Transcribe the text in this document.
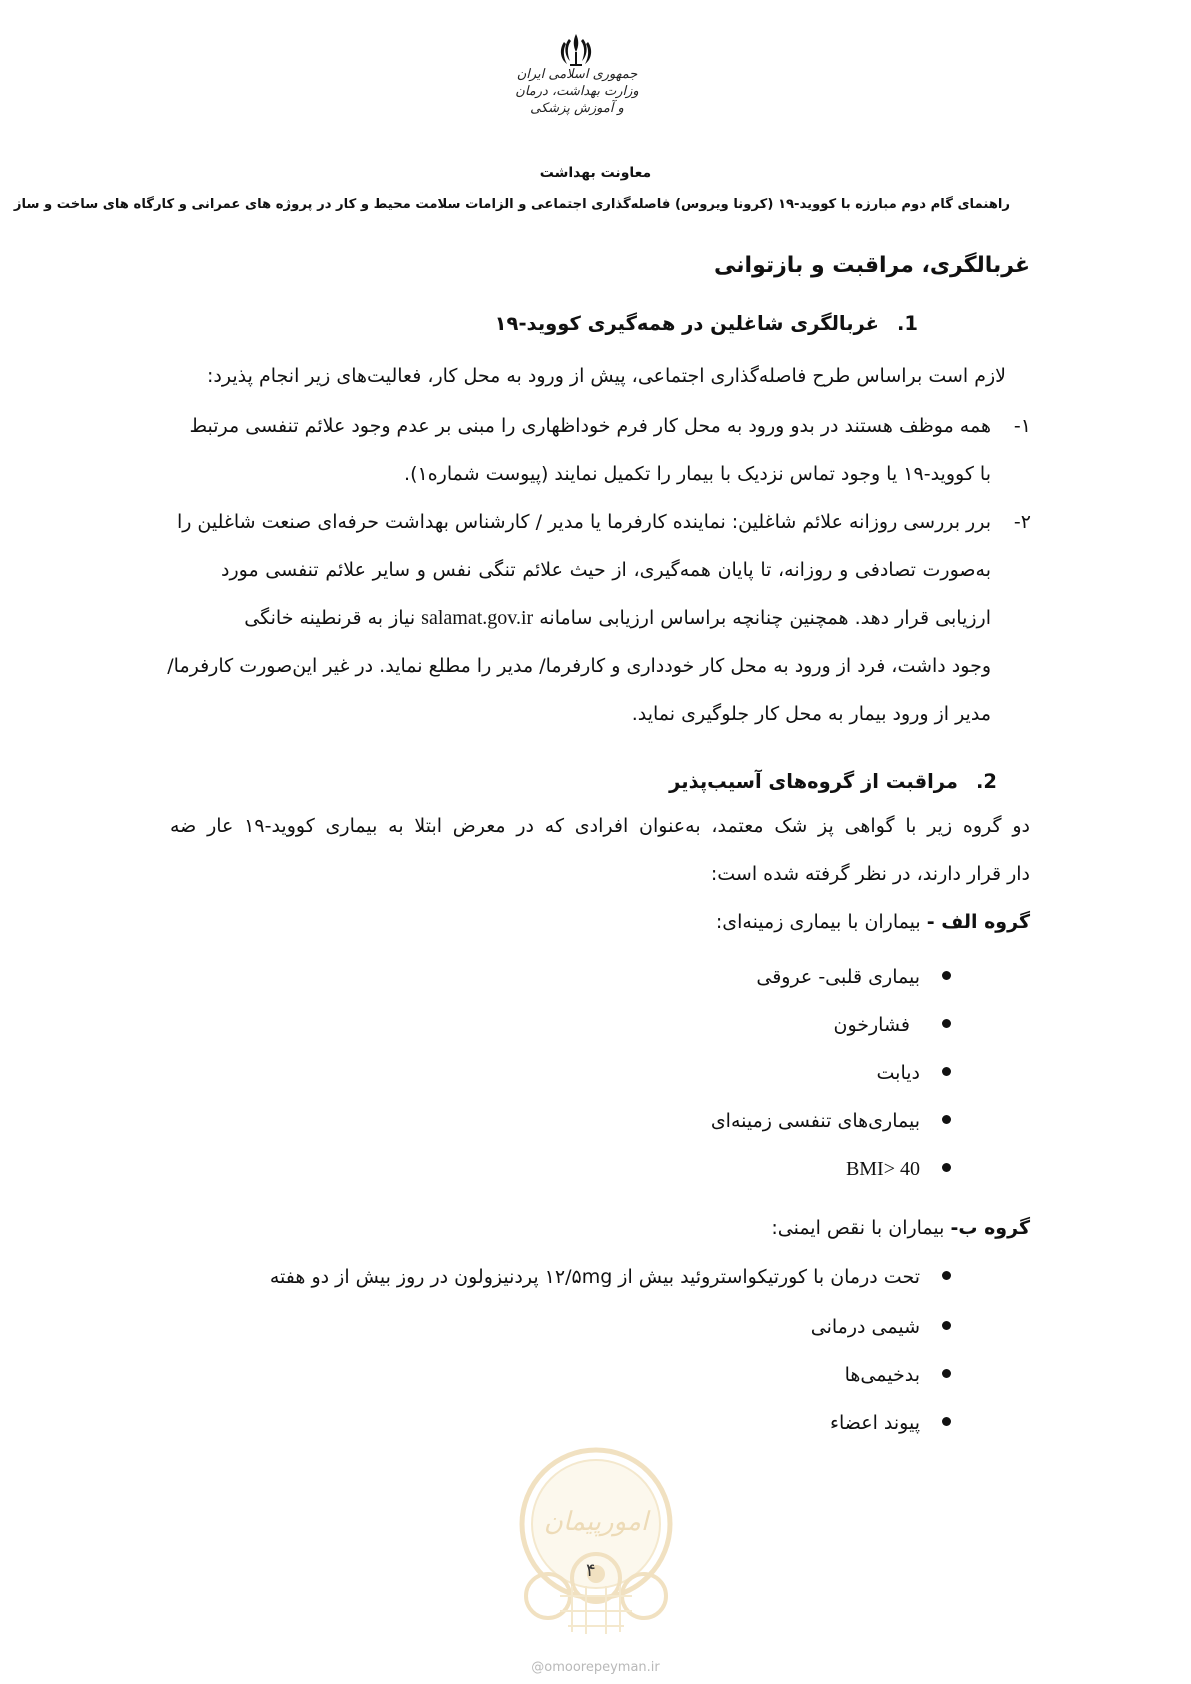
جمهوری اسلامی ایران
وزارت بهداشت، درمان و آموزش پزشکی
معاونت بهداشت
راهنمای گام دوم مبارزه با کووید-۱۹ (کرونا ویروس) فاصله‌گذاری اجتماعی و الزامات سلامت محیط و کار در پروژه های عمرانی و کارگاه های ساخت و ساز
غربالگری، مراقبت و بازتوانی
1.غربالگری شاغلین در همه‌گیری کووید-۱۹
لازم است براساس طرح فاصله‌گذاری اجتماعی، پیش از ورود به محل کار، فعالیت‌های زیر انجام پذیرد:
۱-
همه موظف هستند در بدو ورود به محل کار فرم خوداظهاری را مبنی بر عدم وجود علائم تنفسی مرتبط
با کووید-۱۹ یا وجود تماس نزدیک با بیمار را تکمیل نمایند (پیوست شماره۱).
۲-
برر بررسی روزانه علائم شاغلین: نماینده کارفرما یا مدیر / کارشناس بهداشت حرفه‌ای صنعت شاغلین را
به‌صورت تصادفی و روزانه، تا پایان همه‌گیری، از حیث علائم تنگی نفس و سایر علائم تنفسی مورد
ارزیابی قرار دهد. همچنین چنانچه براساس ارزیابی سامانه salamat.gov.ir نیاز به قرنطینه خانگی
وجود داشت، فرد از ورود به محل کار خودداری و کارفرما/ مدیر را مطلع نماید. در غیر این‌صورت کارفرما/
مدیر از ورود بیمار به محل کار جلوگیری نماید.
2.مراقبت از گروه‌های آسیب‌پذیر
دو گروه زیر با گواهی پز شک معتمد، به‌عنوان افرادی که در معرض ابتلا به بیماری کووید-۱۹ عار ضه
دار قرار دارند، در نظر گرفته شده است:
گروه الف - بیماران با بیماری زمینه‌ای:
بیماری قلبی- عروقی
فشارخون
دیابت
بیماری‌های تنفسی زمینه‌ای
BMI> 40
گروه ب- بیماران با نقص ایمنی:
تحت درمان با کورتیکواستروئید بیش از ۱۲/۵mg پردنیزولون در روز بیش از دو هفته
شیمی درمانی
بدخیمی‌ها
پیوند اعضاء
امورپیمان
۴
@omoorepeyman.ir
